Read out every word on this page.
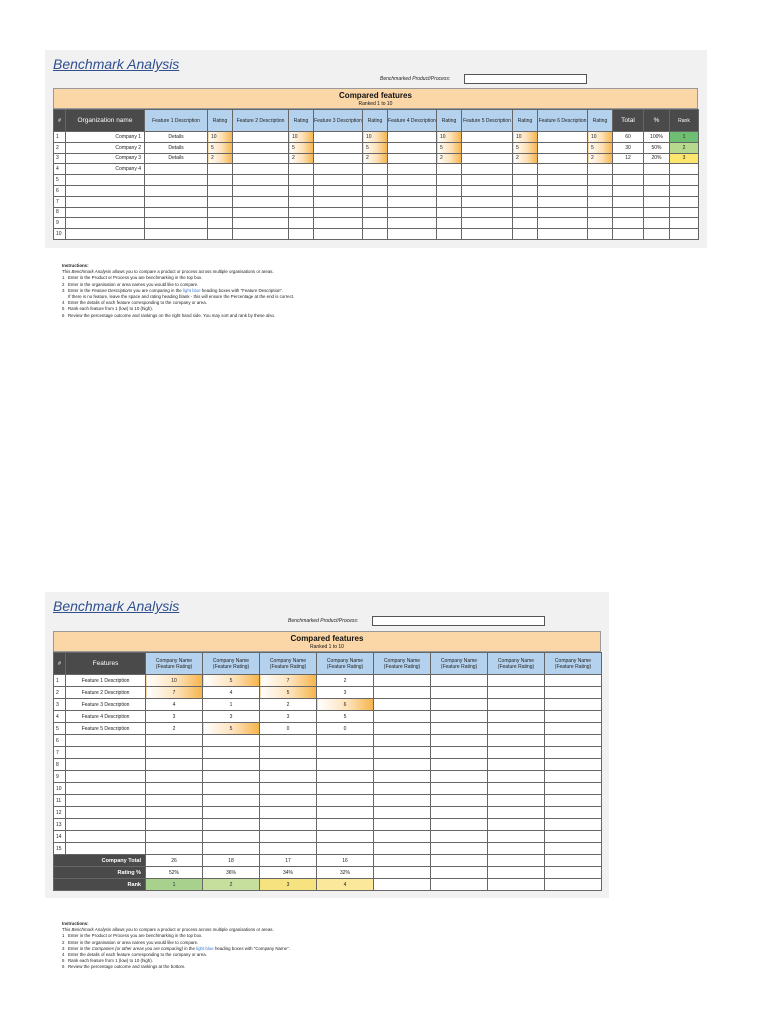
Benchmark Analysis
Benchmarked Product/Process:
Compared features
Ranked 1 to 10
#	Organization name	Feature 1 Description	Rating	Feature 2 Description	Rating	Feature 3 Description	Rating	Feature 4 Description	Rating	Feature 5 Description	Rating	Feature 6 Description	Rating	Total	%	Rank
1	Company 1	Details	10		10		10		10		10		10	60	100%	1
2	Company 2	Details	5		5		5		5		5		5	30	50%	2
3	Company 3	Details	2		2		2		2		2		2	12	20%	3
4	Company 4															
5																
6																
7																
8																
9																
10																
Instructions:
This Benchmark Analysis allows you to compare a product or process across multiple organisations or areas.
1 Enter in the Product or Process you are benchmarking in the top box.
2 Enter in the organisation or area names you would like to compare.
3 Enter in the Feature Descriptions you are comparing in the light blue heading boxes with "Feature Description".
If there is no feature, leave the space and rating heading blank - this will ensure the Percentage at the end is correct.
4 Enter the details of each feature corresponding to the company or area.
5 Rank each feature from 1 (low) to 10 (high).
6 Review the percentage outcome and rankings on the right hand side. You may sort and rank by these also.
Benchmark Analysis
Benchmarked Product/Process:
Compared features
Ranked 1 to 10
#	Features	Company Name (Feature Rating)	Company Name (Feature Rating)	Company Name (Feature Rating)	Company Name (Feature Rating)	Company Name (Feature Rating)	Company Name (Feature Rating)	Company Name (Feature Rating)	Company Name (Feature Rating)
1	Feature 1 Description	10	5	7	2				
2	Feature 2 Description	7	4	5	3				
3	Feature 3 Description	4	1	2	6				
4	Feature 4 Description	3	3	3	5				
5	Feature 5 Description	2	5	0	0				
6									
7									
8									
9									
10									
11									
12									
13									
14									
15									
Company Total		26	18	17	16				
Rating %		52%	36%	34%	32%				
Rank		1	2	3	4				
Instructions:
This Benchmark Analysis allows you to compare a product or process across multiple organisations or areas.
1 Enter in the Product or Process you are benchmarking in the top box.
2 Enter in the organisation or area names you would like to compare.
3 Enter in the Companies (or other areas you are comparing) in the light blue heading boxes with "Company Name".
4 Enter the details of each feature corresponding to the company or area.
5 Rank each feature from 1 (low) to 10 (high).
6 Review the percentage outcome and rankings at the bottom.
